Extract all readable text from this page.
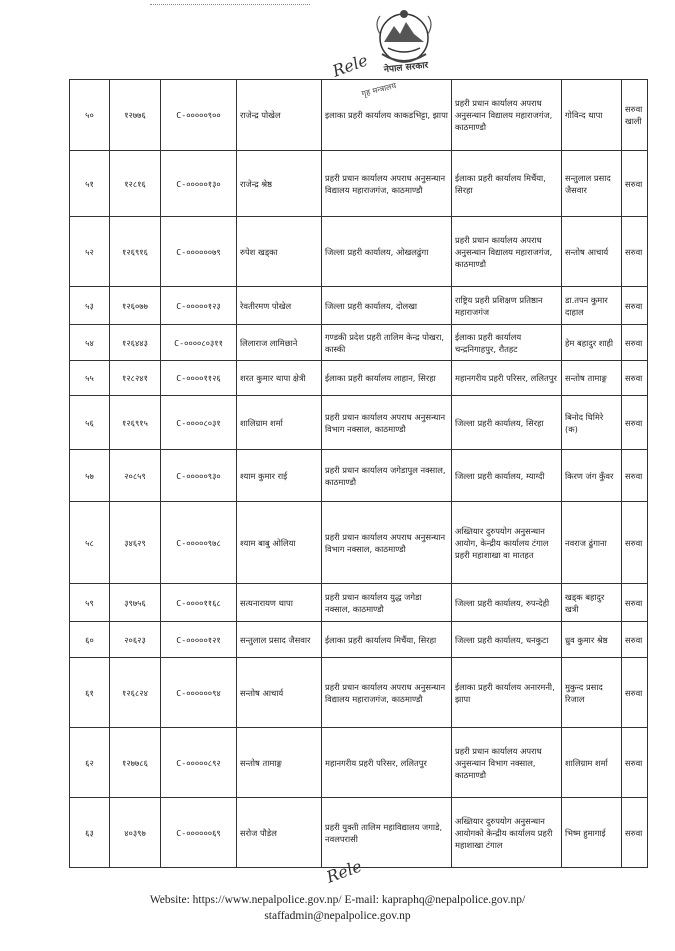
नेपाल सरकार
गृह मन्त्रालय
Rele
५०	१२७७६	C-०००००९००	राजेन्द्र पोखेल	इलाका प्रहरी कार्यालय काकडभिट्टा, झापा	प्रहरी प्रधान कार्यालय अपराध अनुसन्धान विद्यालय महाराजगंज, काठमाण्डौ	गोविन्द थापा	सरुवा खाली
५१	१२८१६	C-०००००१३०	राजेन्द्र श्रेष्ठ	प्रहरी प्रधान कार्यालय अपराध अनुसन्धान विद्यालय महाराजगंज, काठमाण्डौ	ईलाका प्रहरी कार्यालय मिर्चैया, सिरहा	सन्तुलाल प्रसाद जैसवार	सरुवा
५२	१२६९१६	C-००००००७९	रुपेश खड्का	जिल्ला प्रहरी कार्यालय, ओखलढुंगा	प्रहरी प्रधान कार्यालय अपराध अनुसन्धान विद्यालय महाराजगंज, काठमाण्डौ	सन्तोष आचार्य	सरुवा
५३	१२६०७७	C-०००००१२३	रेवतीरमण पोखेल	जिल्ला प्रहरी कार्यालय, दोलखा	राष्ट्रिय प्रहरी प्रशिक्षण प्रतिष्ठान महाराजगंज	डा.तपन कुमार दाहाल	सरुवा
५४	१२६४४३	C-००००८०३११	लिलाराज लामिछाने	गण्डकी प्रदेश प्रहरी तालिम केन्द्र पोखरा, कास्की	ईलाका प्रहरी कार्यालय चन्द्रनिगाहपुर, रौतहट	हेम बहादुर शाही	सरुवा
५५	१२८२४१	C-००००११२६	शरत कुमार थापा क्षेत्री	ईलाका प्रहरी कार्यालय लाहान, सिरहा	महानगरीय प्रहरी परिसर, ललितपुर	सन्तोष तामाङ्ग	सरुवा
५६	१२६९१५	C-००००८०३१	शालिग्राम शर्मा	प्रहरी प्रधान कार्यालय अपराध अनुसन्धान विभाग नक्साल, काठमाण्डौ	जिल्ला प्रहरी कार्यालय, सिरहा	बिनोद घिमिरे (क)	सरुवा
५७	२०८५९	C-०००००९३०	श्याम कुमार राई	प्रहरी प्रधान कार्यालय जगेडापुल नक्साल, काठमाण्डौ	जिल्ला प्रहरी कार्यालय, म्याग्दी	किरण जंग कुँवर	सरुवा
५८	३४६२९	C-०००००९७८	श्याम बाबु ओलिया	प्रहरी प्रधान कार्यालय अपराध अनुसन्धान विभाग नक्साल, काठमाण्डौ	अख्तियार दुरुपयोग अनुसन्धान आयोग, केन्द्रीय कार्यालय टंगाल प्रहरी महाशाखा वा मातहत	नवराज ढुंगाना	सरुवा
५९	३९७५६	C-००००११६८	सत्यनारायण थापा	प्रहरी प्रधान कार्यालय युद्ध जगेडा नक्साल, काठमाण्डौ	जिल्ला प्रहरी कार्यालय, रुपन्देही	खड्क बहादुर खत्री	सरुवा
६०	२०६२३	C-०००००१२१	सन्तुलाल प्रसाद जैसवार	ईलाका प्रहरी कार्यालय मिर्चैया, सिरहा	जिल्ला प्रहरी कार्यालय, धनकुटा	ध्रुव कुमार श्रेष्ठ	सरुवा
६१	१२६८२४	C-००००००९४	सन्तोष आचार्य	प्रहरी प्रधान कार्यालय अपराध अनुसन्धान विद्यालय महाराजगंज, काठमाण्डौ	ईलाका प्रहरी कार्यालय अनारमनी, झापा	मुकुन्द प्रसाद रिजाल	सरुवा
६२	१२७७८६	C-०००००८९२	सन्तोष तामाङ्ग	महानगरीय प्रहरी परिसर, ललितपुर	प्रहरी प्रधान कार्यालय अपराध अनुसन्धान विभाग नक्साल, काठमाण्डौ	शालिग्राम शर्मा	सरुवा
६३	४०३९७	C-००००००६९	सरोज पौडेल	प्रहरी युक्ती तालिम महाविद्यालय जगाडे, नवलपरासी	अख्तियार दुरुपयोग अनुसन्धान आयोगको केन्द्रीय कार्यालय प्रहरी महाशाखा टंगाल	भिष्म हुमागाई	सरुवा
Rele
Website: https://www.nepalpolice.gov.np/ E-mail: kapraphq@nepalpolice.gov.np/
staffadmin@nepalpolice.gov.np
